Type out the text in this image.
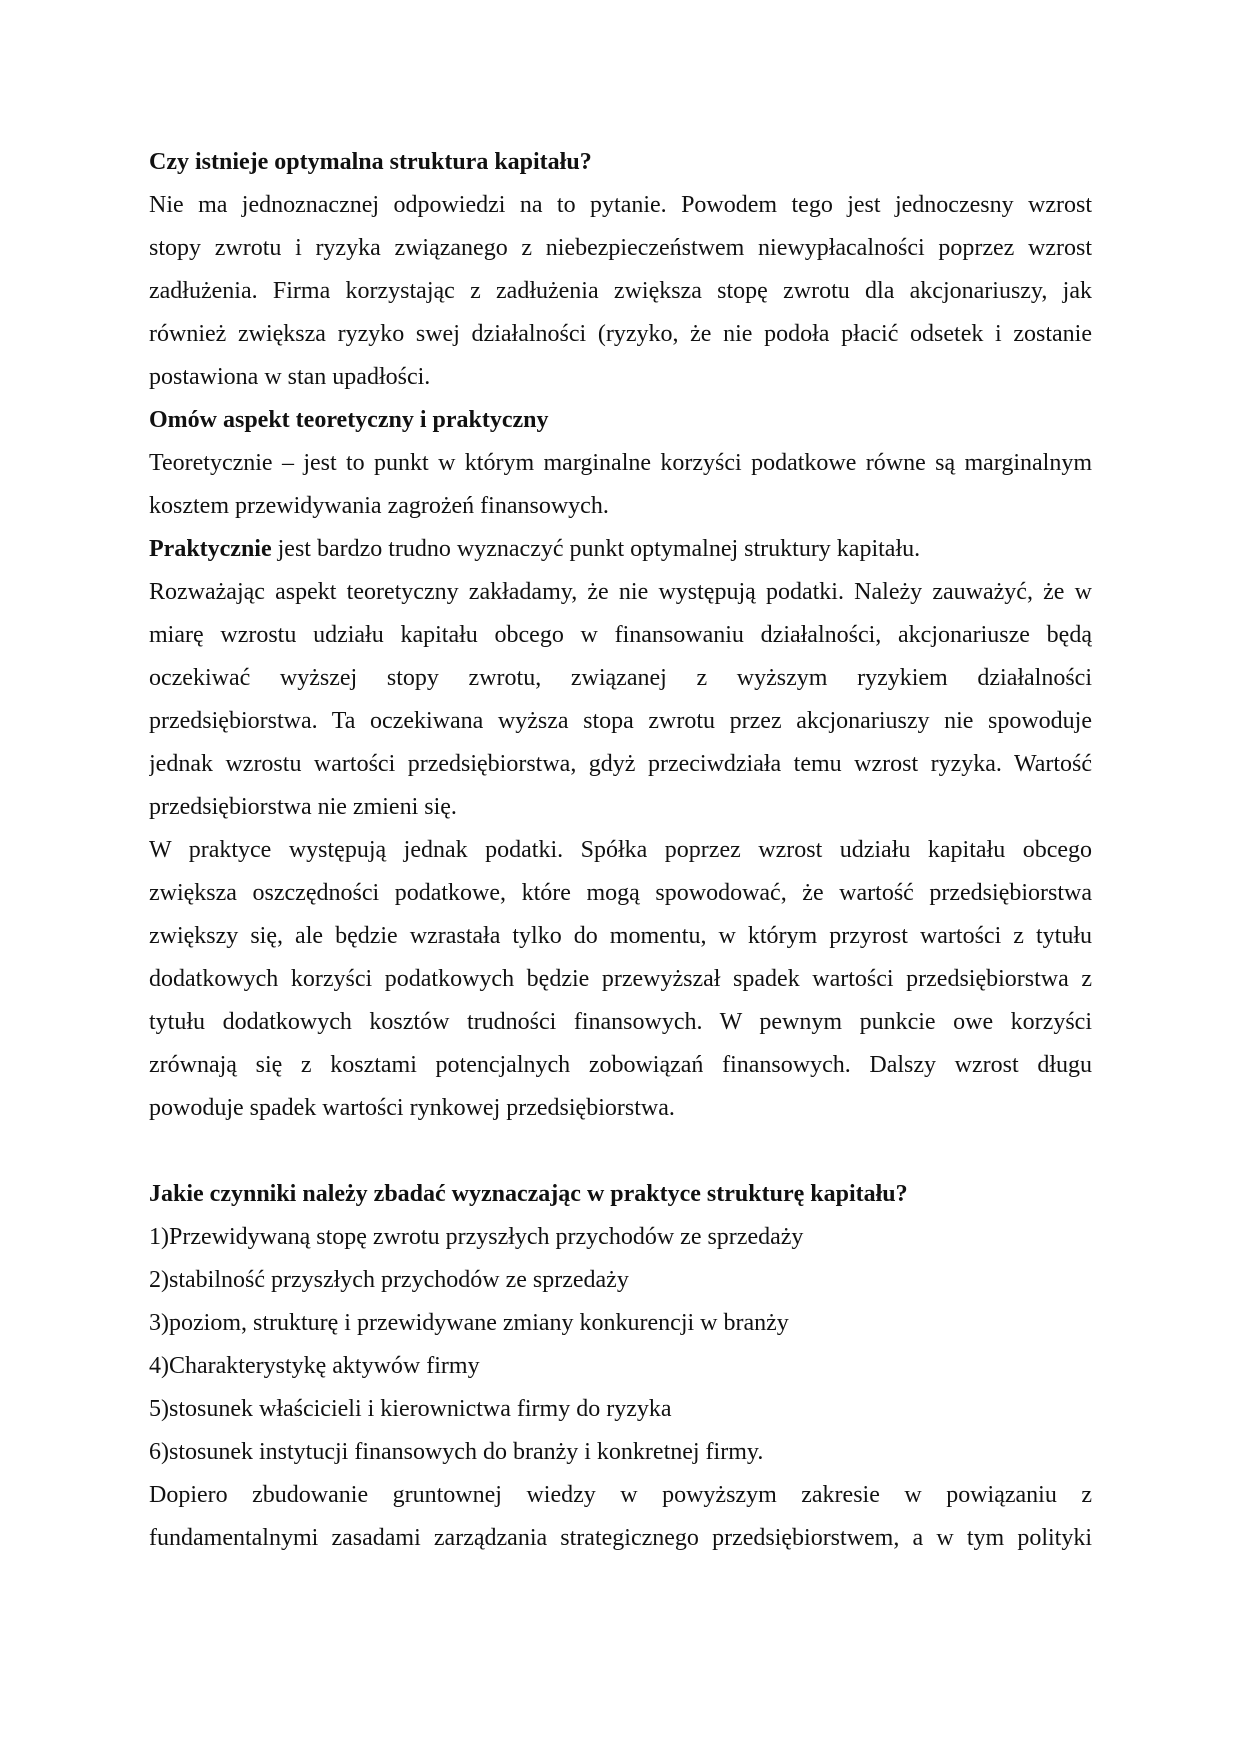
Czy istnieje optymalna struktura kapitału?
Nie ma jednoznacznej odpowiedzi na to pytanie. Powodem tego jest jednoczesny wzrost
stopy zwrotu i ryzyka związanego z niebezpieczeństwem niewypłacalności poprzez wzrost
zadłużenia. Firma korzystając z zadłużenia zwiększa stopę zwrotu dla akcjonariuszy, jak
również zwiększa ryzyko swej działalności (ryzyko, że nie podoła płacić odsetek i zostanie
postawiona w stan upadłości.
Omów aspekt teoretyczny i praktyczny
Teoretycznie – jest to punkt w którym marginalne korzyści podatkowe równe są marginalnym
kosztem przewidywania zagrożeń finansowych.
Praktycznie jest bardzo trudno wyznaczyć punkt optymalnej struktury kapitału.
Rozważając aspekt teoretyczny zakładamy, że nie występują podatki. Należy zauważyć, że w
miarę wzrostu udziału kapitału obcego w finansowaniu działalności, akcjonariusze będą
oczekiwać wyższej stopy zwrotu, związanej z wyższym ryzykiem działalności
przedsiębiorstwa. Ta oczekiwana wyższa stopa zwrotu przez akcjonariuszy nie spowoduje
jednak wzrostu wartości przedsiębiorstwa, gdyż przeciwdziała temu wzrost ryzyka. Wartość
przedsiębiorstwa nie zmieni się.
W praktyce występują jednak podatki. Spółka poprzez wzrost udziału kapitału obcego
zwiększa oszczędności podatkowe, które mogą spowodować, że wartość przedsiębiorstwa
zwiększy się, ale będzie wzrastała tylko do momentu, w którym przyrost wartości z tytułu
dodatkowych korzyści podatkowych będzie przewyższał spadek wartości przedsiębiorstwa z
tytułu dodatkowych kosztów trudności finansowych. W pewnym punkcie owe korzyści
zrównają się z kosztami potencjalnych zobowiązań finansowych. Dalszy wzrost długu
powoduje spadek wartości rynkowej przedsiębiorstwa.
Jakie czynniki należy zbadać wyznaczając w praktyce strukturę kapitału?
1)Przewidywaną stopę zwrotu przyszłych przychodów ze sprzedaży
2)stabilność przyszłych przychodów ze sprzedaży
3)poziom, strukturę i przewidywane zmiany konkurencji w branży
4)Charakterystykę aktywów firmy
5)stosunek właścicieli i kierownictwa firmy do ryzyka
6)stosunek instytucji finansowych do branży i konkretnej firmy.
Dopiero zbudowanie gruntownej wiedzy w powyższym zakresie w powiązaniu z
fundamentalnymi zasadami zarządzania strategicznego przedsiębiorstwem, a w tym polityki
